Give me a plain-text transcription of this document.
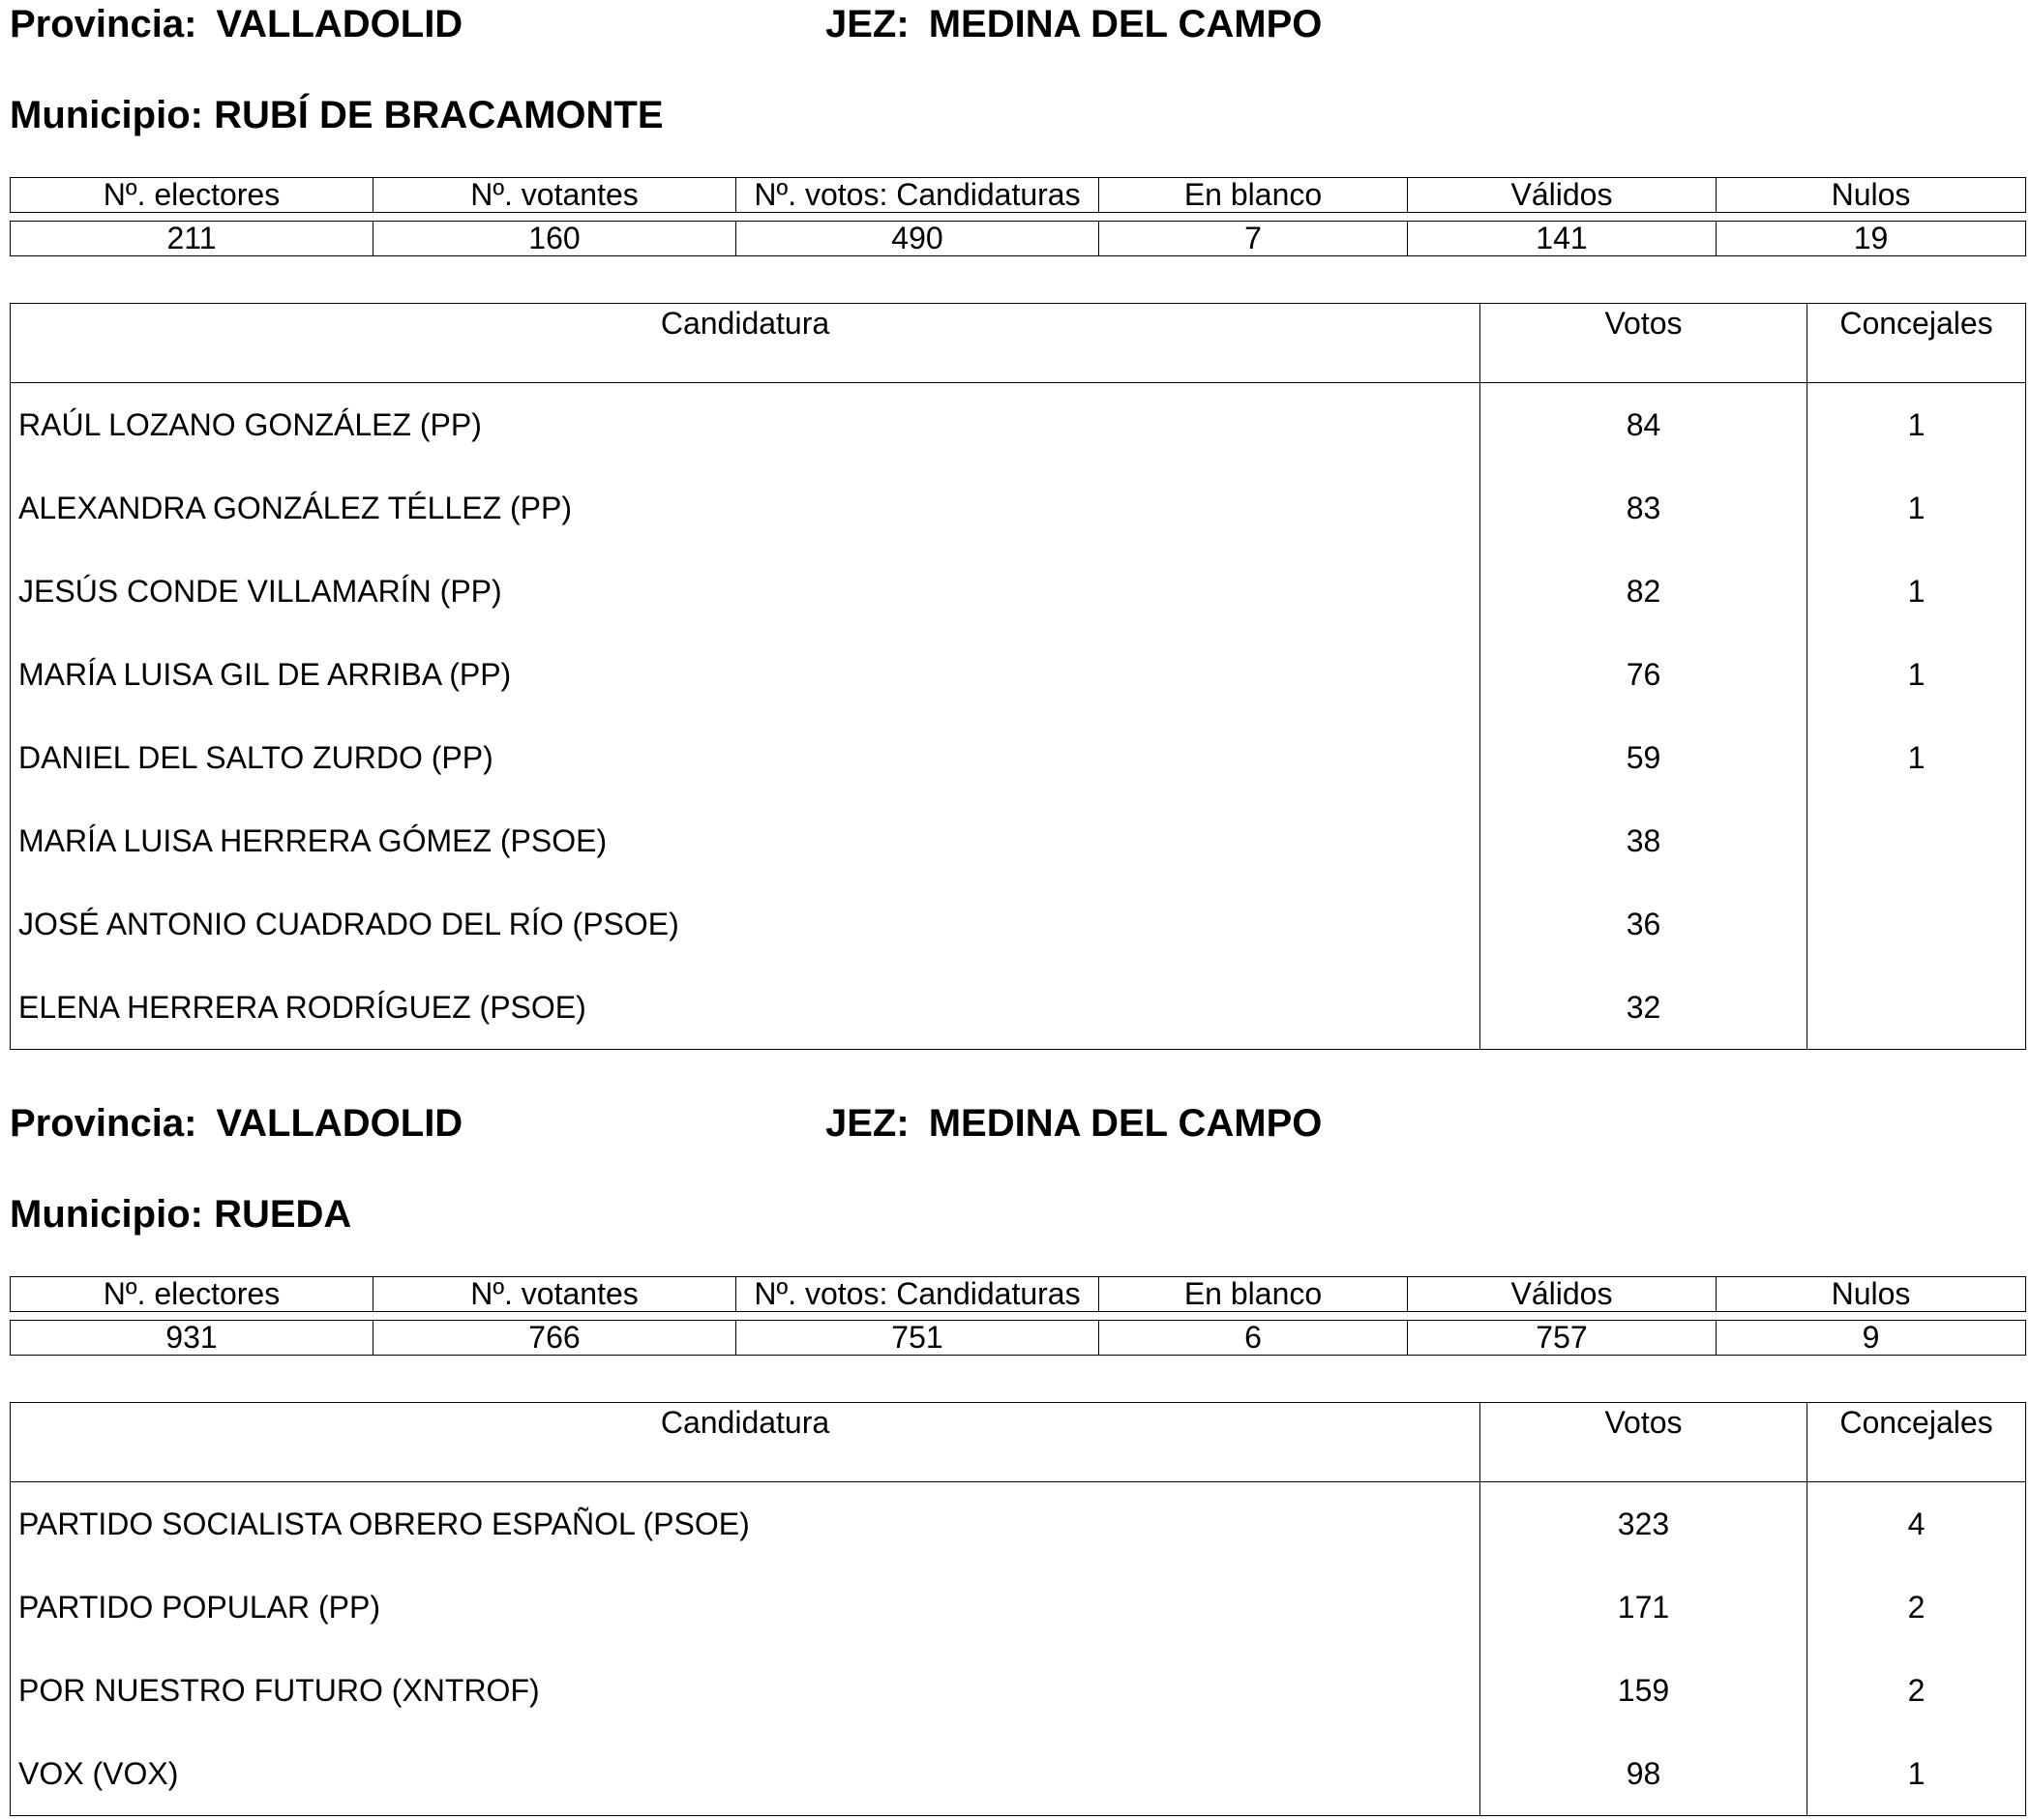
Provincia: VALLADOLID	JEZ: MEDINA DEL CAMPO
Municipio: RUBÍ DE BRACAMONTE
Nº. electores	Nº. votantes	Nº. votos: Candidaturas	En blanco	Válidos	Nulos

211	160	490	7	141	19
Candidatura	Votos	Concejales
RAÚL LOZANO GONZÁLEZ (PP)	84	1
ALEXANDRA GONZÁLEZ TÉLLEZ (PP)	83	1
JESÚS CONDE VILLAMARÍN (PP)	82	1
MARÍA LUISA GIL DE ARRIBA (PP)	76	1
DANIEL DEL SALTO ZURDO (PP)	59	1
MARÍA LUISA HERRERA GÓMEZ (PSOE)	38	
JOSÉ ANTONIO CUADRADO DEL RÍO (PSOE)	36	
ELENA HERRERA RODRÍGUEZ (PSOE)	32	
Provincia: VALLADOLID	JEZ: MEDINA DEL CAMPO
Municipio: RUEDA
Nº. electores	Nº. votantes	Nº. votos: Candidaturas	En blanco	Válidos	Nulos

931	766	751	6	757	9
Candidatura	Votos	Concejales
PARTIDO SOCIALISTA OBRERO ESPAÑOL (PSOE)	323	4
PARTIDO POPULAR (PP)	171	2
POR NUESTRO FUTURO (XNTROF)	159	2
VOX (VOX)	98	1
